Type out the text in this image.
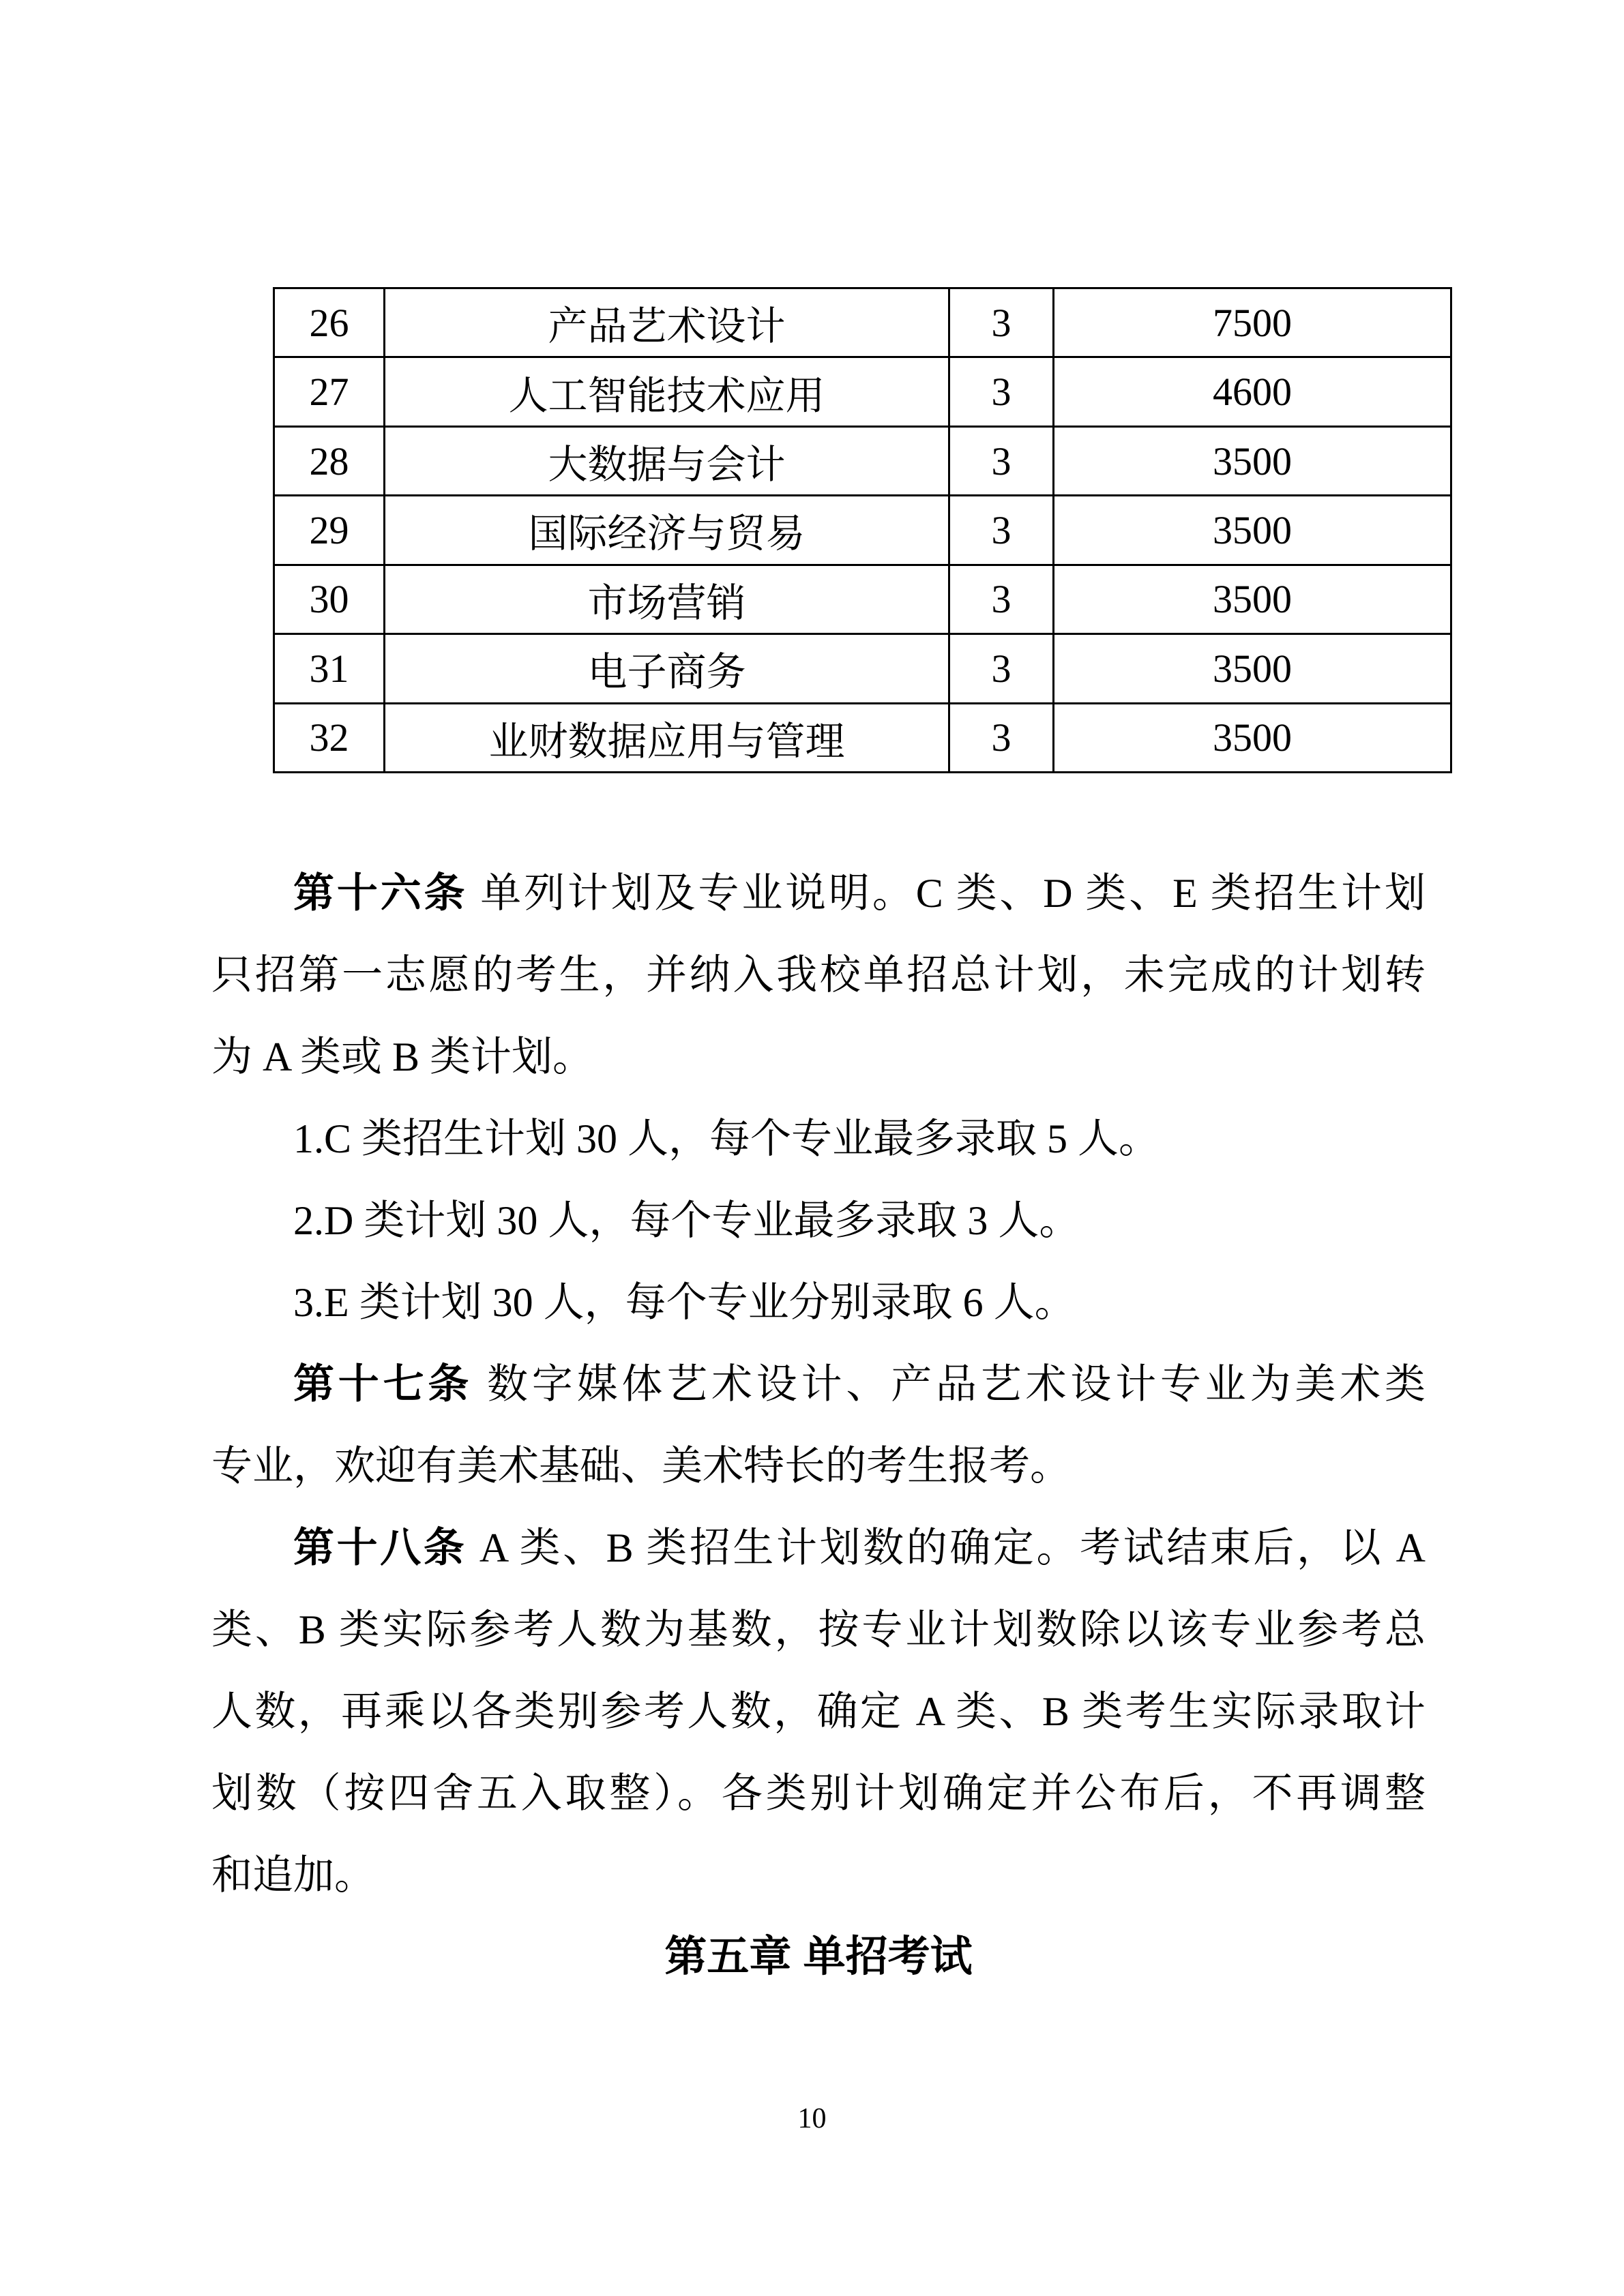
26	产品艺术设计	3	7500
27	人工智能技术应用	3	4600
28	大数据与会计	3	3500
29	国际经济与贸易	3	3500
30	市场营销	3	3500
31	电子商务	3	3500
32	业财数据应用与管理	3	3500
第十六条 单列计划及专业说明。C 类、D 类、E 类招生计划
只招第一志愿的考生，并纳入我校单招总计划，未完成的计划转
为 A 类或 B 类计划。
1.C 类招生计划 30 人，每个专业最多录取 5 人。
2.D 类计划 30 人，每个专业最多录取 3 人。
3.E 类计划 30 人，每个专业分别录取 6 人。
第十七条 数字媒体艺术设计、产品艺术设计专业为美术类
专业，欢迎有美术基础、美术特长的考生报考。
第十八条 A 类、B 类招生计划数的确定。考试结束后，以 A
类、B 类实际参考人数为基数，按专业计划数除以该专业参考总
人数，再乘以各类别参考人数，确定 A 类、B 类考生实际录取计
划数（按四舍五入取整）。各类别计划确定并公布后，不再调整
和追加。
第五章 单招考试
10
